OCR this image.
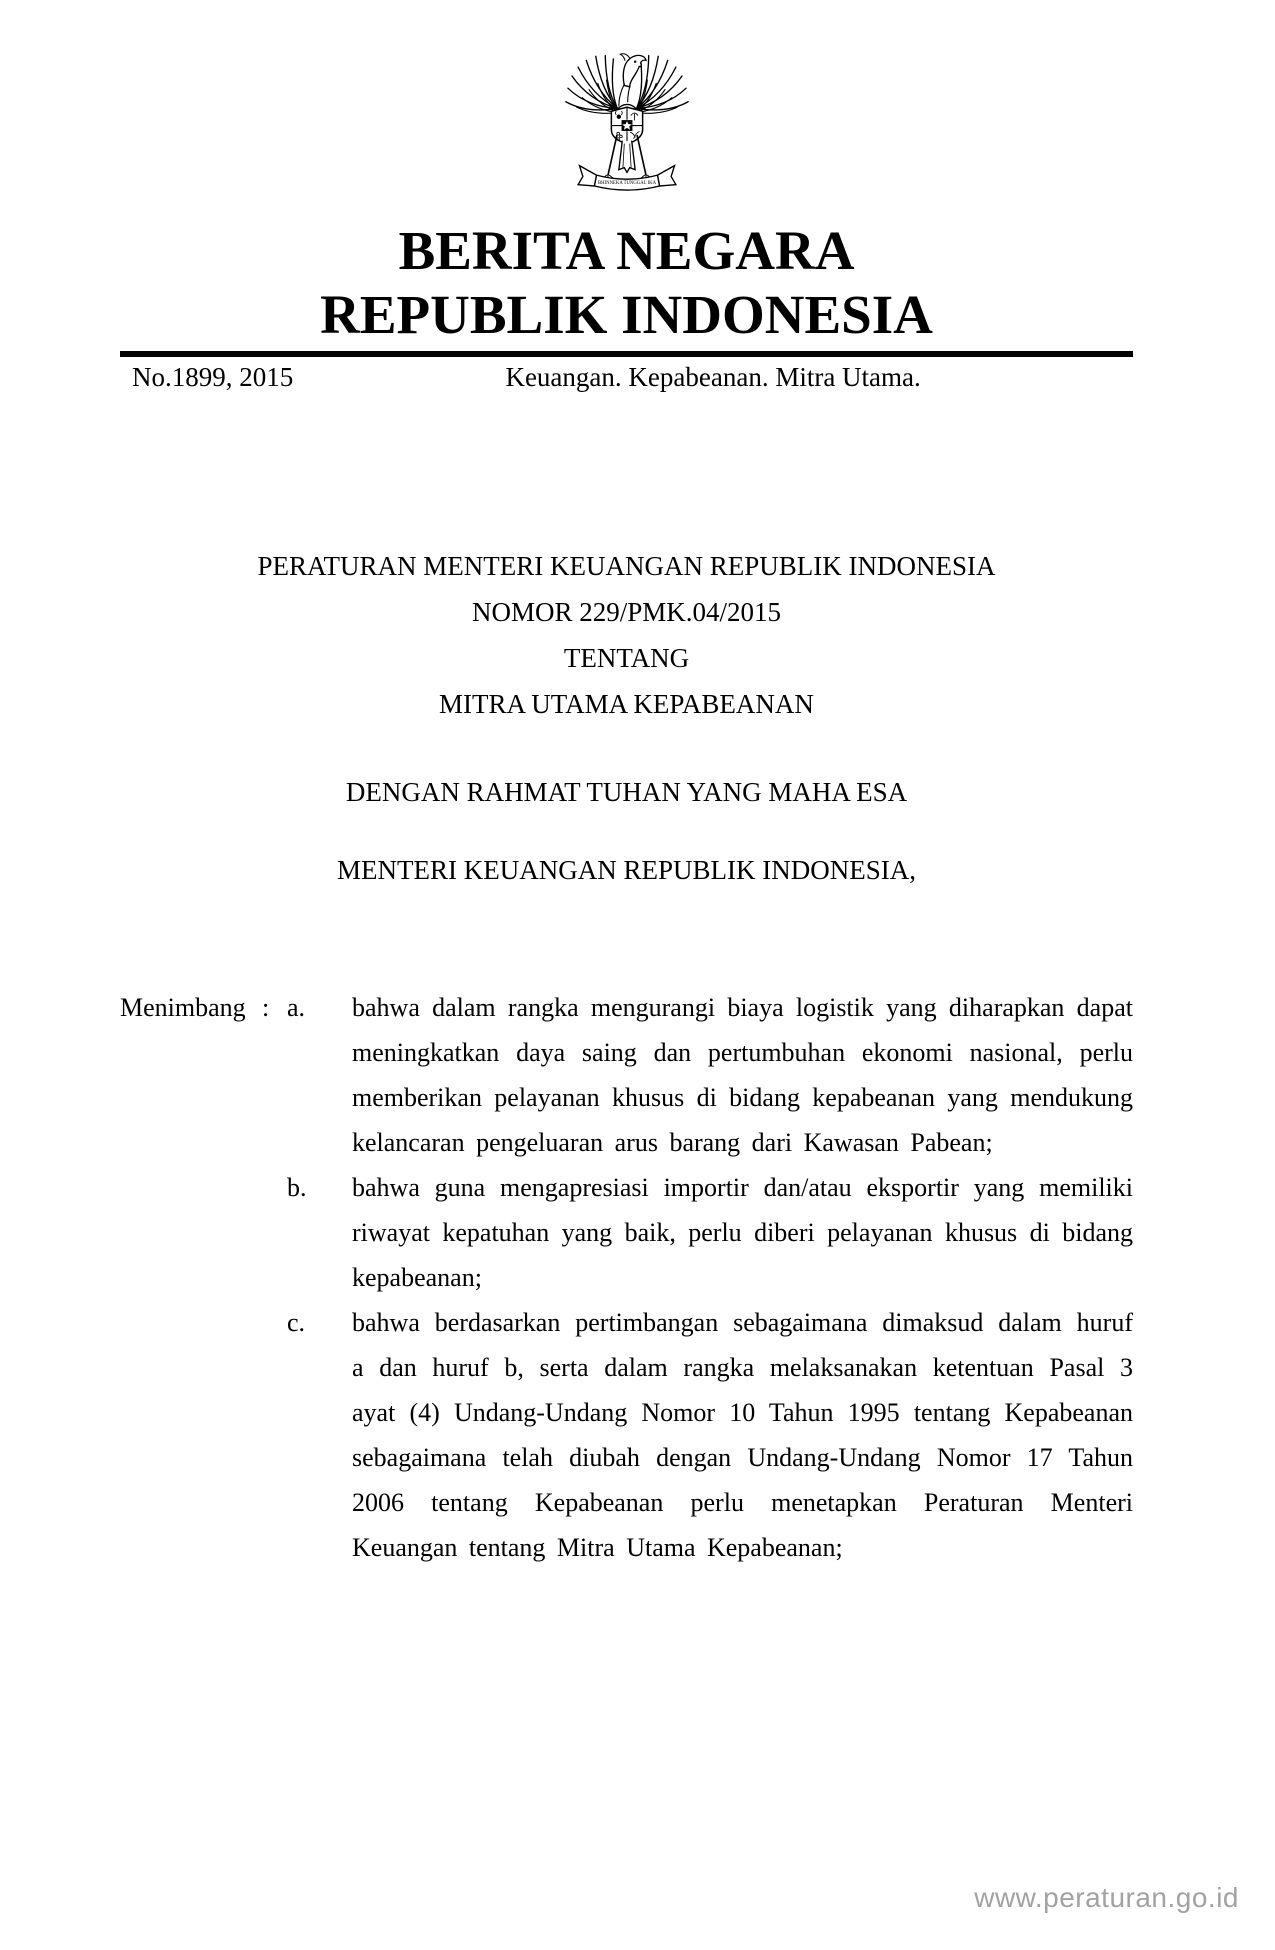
BHINNEKA TUNGGAL IKA
BERITA NEGARA
REPUBLIK INDONESIA
No.1899, 2015	Keuangan. Kepabeanan. Mitra Utama.
PERATURAN MENTERI KEUANGAN REPUBLIK INDONESIA
NOMOR 229/PMK.04/2015
TENTANG
MITRA UTAMA KEPABEANAN
DENGAN RAHMAT TUHAN YANG MAHA ESA
MENTERI KEUANGAN REPUBLIK INDONESIA,
Menimbang : a.	bahwa dalam rangka mengurangi biaya logistik yang diharapkan dapat meningkatkan daya saing dan pertumbuhan ekonomi nasional, perlu memberikan pelayanan khusus di bidang kepabeanan yang mendukung kelancaran pengeluaran arus barang dari Kawasan Pabean;
b.	bahwa guna mengapresiasi importir dan/atau eksportir yang memiliki riwayat kepatuhan yang baik, perlu diberi pelayanan khusus di bidang kepabeanan;
c.	bahwa berdasarkan pertimbangan sebagaimana dimaksud dalam huruf a dan huruf b, serta dalam rangka melaksanakan ketentuan Pasal 3 ayat (4) Undang-Undang Nomor 10 Tahun 1995 tentang Kepabeanan sebagaimana telah diubah dengan Undang-Undang Nomor 17 Tahun 2006 tentang Kepabeanan perlu menetapkan Peraturan Menteri Keuangan tentang Mitra Utama Kepabeanan;
www.peraturan.go.id
